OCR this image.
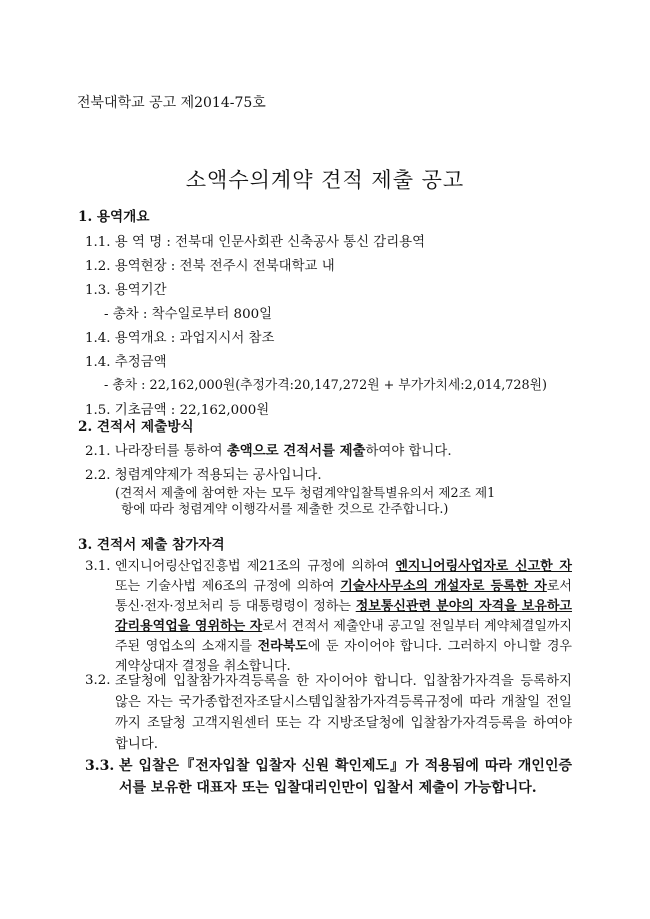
전북대학교 공고 제2014-75호
소액수의계약 견적 제출 공고
1. 용역개요
1.1. 용 역 명 : 전북대 인문사회관 신축공사 통신 감리용역
1.2. 용역현장 : 전북 전주시 전북대학교 내
1.3. 용역기간
- 총차 : 착수일로부터 800일
1.4. 용역개요 : 과업지시서 참조
1.4. 추정금액
- 총차 : 22,162,000원(추정가격:20,147,272원 + 부가가치세:2,014,728원)
1.5. 기초금액 : 22,162,000원
2. 견적서 제출방식
2.1. 나라장터를 통하여 총액으로 견적서를 제출하여야 합니다.
2.2. 청렴계약제가 적용되는 공사입니다.
(견적서 제출에 참여한 자는 모두 청렴계약입찰특별유의서 제2조 제1
항에 따라 청렴계약 이행각서를 제출한 것으로 간주합니다.)
3. 견적서 제출 참가자격
3.1. 엔지니어링산업진흥법 제21조의 규정에 의하여 엔지니어링사업자로 신고한 자 또는 기술사법 제6조의 규정에 의하여 기술사사무소의 개설자로 등록한 자로서 통신·전자·정보처리 등 대통령령이 정하는 정보통신관련 분야의 자격을 보유하고 감리용역업을 영위하는 자로서 견적서 제출안내 공고일 전일부터 계약체결일까지 주된 영업소의 소재지를 전라북도에 둔 자이어야 합니다. 그러하지 아니할 경우 계약상대자 결정을 취소합니다.
3.2. 조달청에 입찰참가자격등록을 한 자이어야 합니다. 입찰참가자격을 등록하지 않은 자는 국가종합전자조달시스템입찰참가자격등록규정에 따라 개찰일 전일까지 조달청 고객지원센터 또는 각 지방조달청에 입찰참가자격등록을 하여야 합니다.
3.3. 본 입찰은『전자입찰 입찰자 신원 확인제도』가 적용됨에 따라 개인인증서를 보유한 대표자 또는 입찰대리인만이 입찰서 제출이 가능합니다.
